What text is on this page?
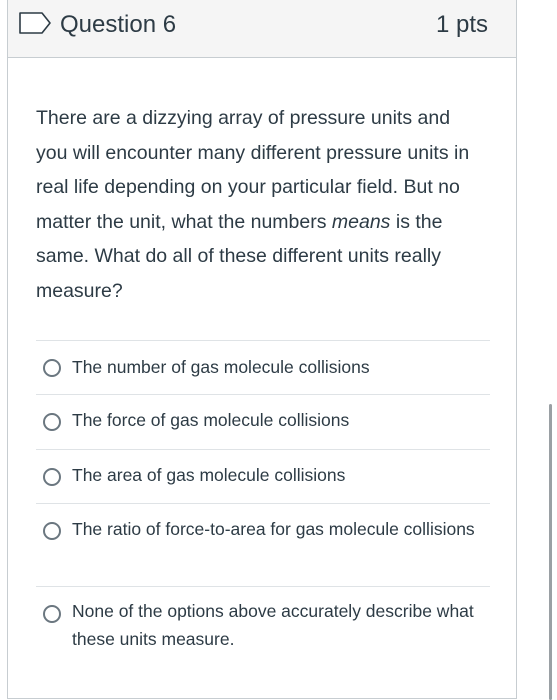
Question 6	1 pts
There are a dizzying array of pressure units and you will encounter many different pressure units in real life depending on your particular field. But no matter the unit, what the numbers means is the same. What do all of these different units really measure?
The number of gas molecule collisions
The force of gas molecule collisions
The area of gas molecule collisions
The ratio of force-to-area for gas molecule collisions
None of the options above accurately describe what these units measure.
